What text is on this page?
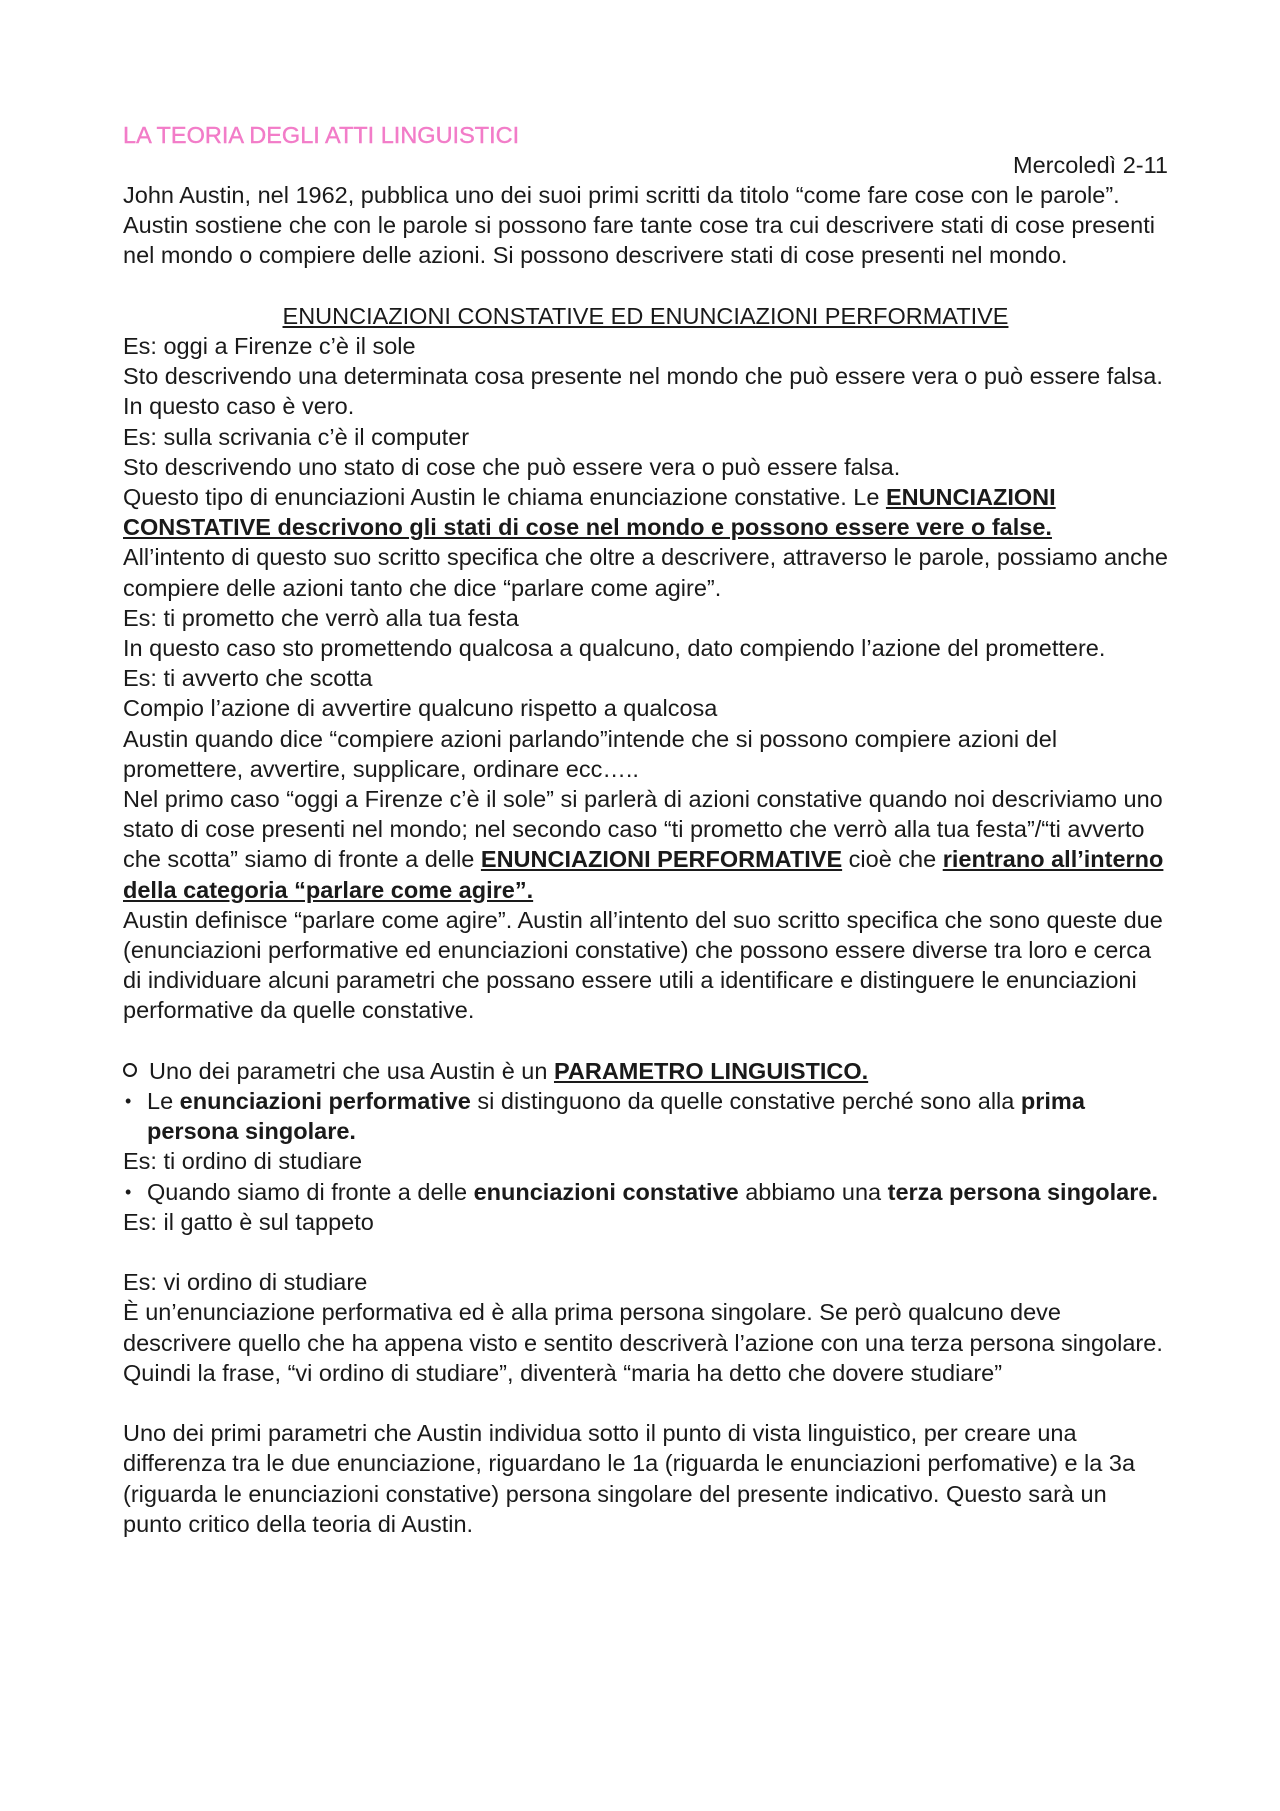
LA TEORIA DEGLI ATTI LINGUISTICI

Mercoledì 2-11

John Austin, nel 1962, pubblica uno dei suoi primi scritti da titolo “come fare cose con le parole”. Austin sostiene che con le parole si possono fare tante cose tra cui descrivere stati di cose presenti nel mondo o compiere delle azioni. Si possono descrivere stati di cose presenti nel mondo.

ENUNCIAZIONI CONSTATIVE ED ENUNCIAZIONI PERFORMATIVE

Es: oggi a Firenze c’è il sole

Sto descrivendo una determinata cosa presente nel mondo che può essere vera o può essere falsa. In questo caso è vero.

Es: sulla scrivania c’è il computer

Sto descrivendo uno stato di cose che può essere vera o può essere falsa.

Questo tipo di enunciazioni Austin le chiama enunciazione constative. Le ENUNCIAZIONI CONSTATIVE descrivono gli stati di cose nel mondo e possono essere vere o false.

All’intento di questo suo scritto specifica che oltre a descrivere, attraverso le parole, possiamo anche compiere delle azioni tanto che dice “parlare come agire”.

Es: ti prometto che verrò alla tua festa

In questo caso sto promettendo qualcosa a qualcuno, dato compiendo l’azione del promettere.

Es: ti avverto che scotta

Compio l’azione di avvertire qualcuno rispetto a qualcosa

Austin quando dice “compiere azioni parlando”intende che si possono compiere azioni del promettere, avvertire, supplicare, ordinare ecc…..

Nel primo caso “oggi a Firenze c’è il sole” si parlerà di azioni constative quando noi descriviamo uno stato di cose presenti nel mondo; nel secondo caso “ti prometto che verrò alla tua festa”/“ti avverto che scotta” siamo di fronte a delle ENUNCIAZIONI PERFORMATIVE cioè che rientrano all’interno della categoria “parlare come agire”.

Austin definisce “parlare come agire”. Austin all’intento del suo scritto specifica che sono queste due (enunciazioni performative ed enunciazioni constative) che possono essere diverse tra loro e cerca di individuare alcuni parametri che possano essere utili a identificare e distinguere le enunciazioni performative da quelle constative.

Uno dei parametri che usa Austin è un PARAMETRO LINGUISTICO.
• Le enunciazioni performative si distinguono da quelle constative perché sono alla prima persona singolare.

Es: ti ordino di studiare

• Quando siamo di fronte a delle enunciazioni constative abbiamo una terza persona singolare.

Es: il gatto è sul tappeto

Es: vi ordino di studiare

È un’enunciazione performativa ed è alla prima persona singolare. Se però qualcuno deve descrivere quello che ha appena visto e sentito descriverà l’azione con una terza persona singolare. Quindi la frase, “vi ordino di studiare”, diventerà “maria ha detto che dovere studiare”

Uno dei primi parametri che Austin individua sotto il punto di vista linguistico, per creare una differenza tra le due enunciazione, riguardano le 1a (riguarda le enunciazioni perfomative) e la 3a (riguarda le enunciazioni constative) persona singolare del presente indicativo. Questo sarà un punto critico della teoria di Austin.
